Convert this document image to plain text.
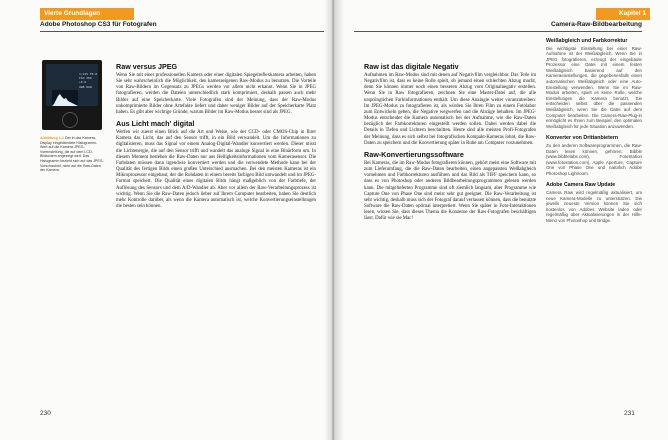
Vierte Grundlagen
Adobe Photoshop CS3 für Fotografen
1/125 F8.0
ISO 200
+0.0
AWB RAW
Abbildung 1-1 Der in das Kamera-Display eingeblendete Histogramm-Wert auf die Kamera-JPEG-Voreinstellung, die auf dem LCD-Bildschirm angezeigt wird. Das Histogramm bezieht sich auf das JPEG-Vorschaubild, nicht auf die Raw-Daten der Kamera.
Raw versus JPEG

Wenn Sie mit einer professionellen Kamera oder einer digitalen Spiegelreflexkamera arbeiten, haben Sie sehr wahrscheinlich die Möglichkeit, den kameraeigenen Raw-Modus zu benutzen. Die Vorteile von Raw-Bildern im Gegensatz zu JPEGs werden vor allem nicht erkannt. Wenn Sie in JPEG fotografieren, werden die Dateien unterschiedlich stark komprimiert, deshalb passen auch mehr Bilder auf eine Speicherkarte. Viele Fotografen sind der Meinung, dass der Raw-Modus unkomprimierte Bilder ohne Artefakte liefert und daher weniger Bilder auf der Speicherkarte Platz haben. Es gibt aber wichtige Gründe, warum Bilder im Raw-Modus besser sind als JPEG.

Aus Licht mach' digital

Werfen wir zuerst einen Blick auf die Art und Weise, wie der CCD- oder CMOS-Chip in Ihrer Kamera das Licht, das auf den Sensor trifft, in ein Bild verwandelt. Um die Informationen zu digitalisieren, muss das Signal vor einem Analog-Digital-Wandler konvertiert werden. Dieser misst die Lichtenergie, die auf den Sensor trifft und wandelt das analoge Signal in eine Binärform um. In diesem Moment bestehen die Raw-Daten nur aus Helligkeitsinformationen vom Kamerasensor. Die Farbdaten müssen dann irgendwie konvertiert werden und die verwendete Methode kann bei der Qualität des fertigen Bilds einen großen Unterschied ausmachen. Bei den meisten Kameras ist ein Mikroprozessor eingebaut, der die Rohdaten in einem bereits farbigen Bild umwandelt und im JPEG-Format speichert. Die Qualität eines digitalen Bilds hängt maßgeblich von der Farbtiefe, der Auflösung des Sensors und dem A/D-Wandler ab. Aber vor allem der Raw-Verarbeitungsprozess ist wichtig. Wenn Sie die Raw-Daten jedoch lieber auf Ihrem Computer bearbeiten, haben Sie deutlich mehr Kontrolle darüber, als wenn die Kamera automatisch ist, welche Konvertierungseinstellungen die besten sein können.

230
Kapitel 1
Camera-Raw-Bildbearbeitung
Raw ist das digitale Negativ

Aufnahmen im Raw-Modus sind mit denen auf Negativfilm vergleichbar. Das Teile im Negativfilm ist, dass es keine Rolle spielt, ob jemand einen schlechten Abzug macht, denn Sie können immer noch einen besseren Abzug vom Originalnegativ erstellen. Wenn Sie in Raw fotografieren, zeichnen Sie eine Master-Datei auf, die alle ursprünglichen Farbinformationen enthält. Um diese Analogie weiter voranzutreiben: Im JPEG-Modus zu fotografieren ist, als würden Sie Ihren Film zu einem Fotolabor zum Entwickeln geben, die Negative wegwerfen und die Abzüge behalten. Im JPEG-Modus entscheidet die Kamera automatisch bei der Aufnahme, wie die Raw-Daten bezüglich der Farbkorrekturen eingestellt werden sollen. Dabei werden dabei die Details in Tiefen und Lichtern beschnitten. Heute sind alle meisten Profi-Fotografen der Meinung, dass es sich selbst bei fotografischen Kompakt-Kameras lohnt, die Raw-Daten zu speichern und die Konvertierung später in Ruhe am Computer vorzunehmen.

Raw-Konvertierungssoftware

Bei Kameras, die im Raw-Modus fotografieren können, gehört meist eine Software mit zum Lieferumfang, die die Raw-Daten bearbeiten, einen angepassten Weißabgleich vornehmen und Farbkorrekturen ausführen und das Bild als TIFF speichern kann, so dass es von Photoshop oder anderen Bildbearbeitungsprogrammen gelesen werden kann. Die mitgelieferten Programme sind oft ziemlich langsam, aber Programme wie Capture One von Phase One sind meist sehr gut geeignet. Die Raw-Verarbeitung ist sehr wichtig, deshalb muss sich der Fotograf darauf verlassen können, dass die benutzte Software die Raw-Daten optimal interpretiert. Wenn Sie später in Foto-Interaktionen lesen, wissen Sie, dass dieses Thema die Konzerne der Raw-Fotografen beschäftigen lässt. Dafür wie sie Mac!

Weißabgleich und Farbkorrektur

Die wichtigste Einstellung bei einer Raw-Aufnahme ist der Weißabgleich. Wenn Sie in JPEG fotografieren, erzeugt der eingebaute Prozessor eine Datei mit einem festen Weißabgleich basierend auf den Kameraeinstellungen, die gegebenenfalls einen automatischen Weißabgleich oder eine Auto-Einstellung verwenden. Wenn Sie im Raw-Modus arbeiten, spielt es keine Rolle, welche Einstellungen die Kamera benutzt. Sie entscheiden selbst über die passenden Weißabgleich, wenn Sie die Datei auf dem Computer bearbeiten. Die Camera-Raw-Plug-in ermöglicht es Ihnen zum Beispiel, den optimalen Weißabgleich für jede Situation anzuwenden.

Konverter von Drittanbietern

Zu den anderen Softwareprogrammen, die Raw-Daten lesen können, gehören: Bibble (www.bibblelabs.com), FotoStation (www.fotostation.com), Apple Aperture, Capture One von Phase One und natürlich Adobe Photoshop Lightroom.

Adobe Camera Raw Update

Camera Raw wird regelmäßig aktualisiert, um neue Kamera-Modelle zu unterstützen. Die jeweils neueste Version können Sie sich kostenlos von Adobes Website laden oder regelmäßig über Aktualisierungen in der Hilfe-Menü von Photoshop und Bridge.

231
